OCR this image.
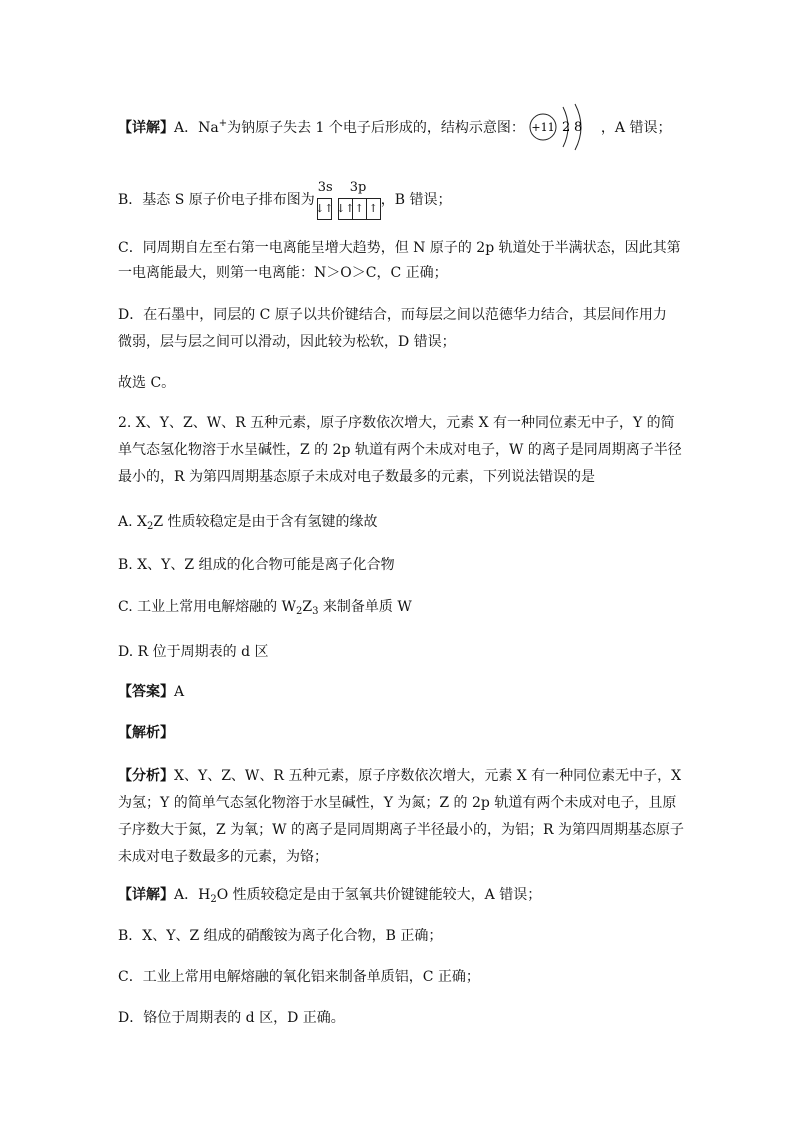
【详解】A．Na+为钠原子失去 1 个电子后形成的，结构示意图： +11 2 8 ，A 错误；
B．基态 S 原子价电子排布图为
3s
↓↑
3p
↓↑ ↑ ↑
，B 错误；
C．同周期自左至右第一电离能呈增大趋势，但 N 原子的 2p 轨道处于半满状态，因此其第
一电离能最大，则第一电离能：N＞O＞C，C 正确；
D．在石墨中，同层的 C 原子以共价键结合，而每层之间以范德华力结合，其层间作用力
微弱，层与层之间可以滑动，因此较为松软，D 错误；
故选 C。
2. X、Y、Z、W、R 五种元素，原子序数依次增大，元素 X 有一种同位素无中子，Y 的简
单气态氢化物溶于水呈碱性，Z 的 2p 轨道有两个未成对电子，W 的离子是同周期离子半径
最小的，R 为第四周期基态原子未成对电子数最多的元素，下列说法错误的是
A. $X_2Z$ 性质较稳定是由于含有氢键的缘故
B. X、Y、Z 组成的化合物可能是离子化合物
C. 工业上常用电解熔融的 $W_2Z_3$ 来制备单质 W
D. R 位于周期表的 d 区
【答案】A
【解析】
【分析】X、Y、Z、W、R 五种元素，原子序数依次增大，元素 X 有一种同位素无中子，X
为氢；Y 的简单气态氢化物溶于水呈碱性，Y 为氮；Z 的 2p 轨道有两个未成对电子，且原
子序数大于氮，Z 为氧；W 的离子是同周期离子半径最小的，为铝；R 为第四周期基态原子
未成对电子数最多的元素，为铬；
【详解】A．$H_2O$ 性质较稳定是由于氢氧共价键键能较大，A 错误；
B．X、Y、Z 组成的硝酸铵为离子化合物，B 正确；
C．工业上常用电解熔融的氧化铝来制备单质铝，C 正确；
D．铬位于周期表的 d 区，D 正确。
